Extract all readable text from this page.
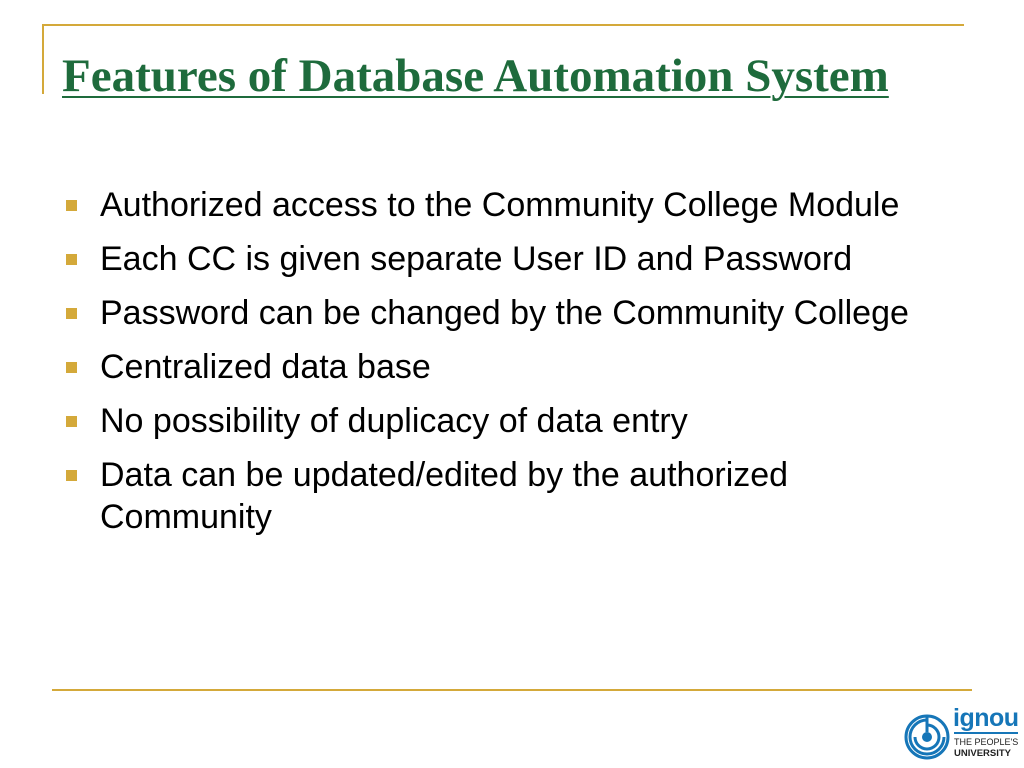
Features of Database Automation System
Authorized access to the Community College Module
Each CC is given separate User ID and Password
Password can be changed by the Community College
Centralized data base
No possibility of duplicacy of data entry
Data can be updated/edited by the authorized Community
ignou
THE PEOPLE'S
UNIVERSITY
